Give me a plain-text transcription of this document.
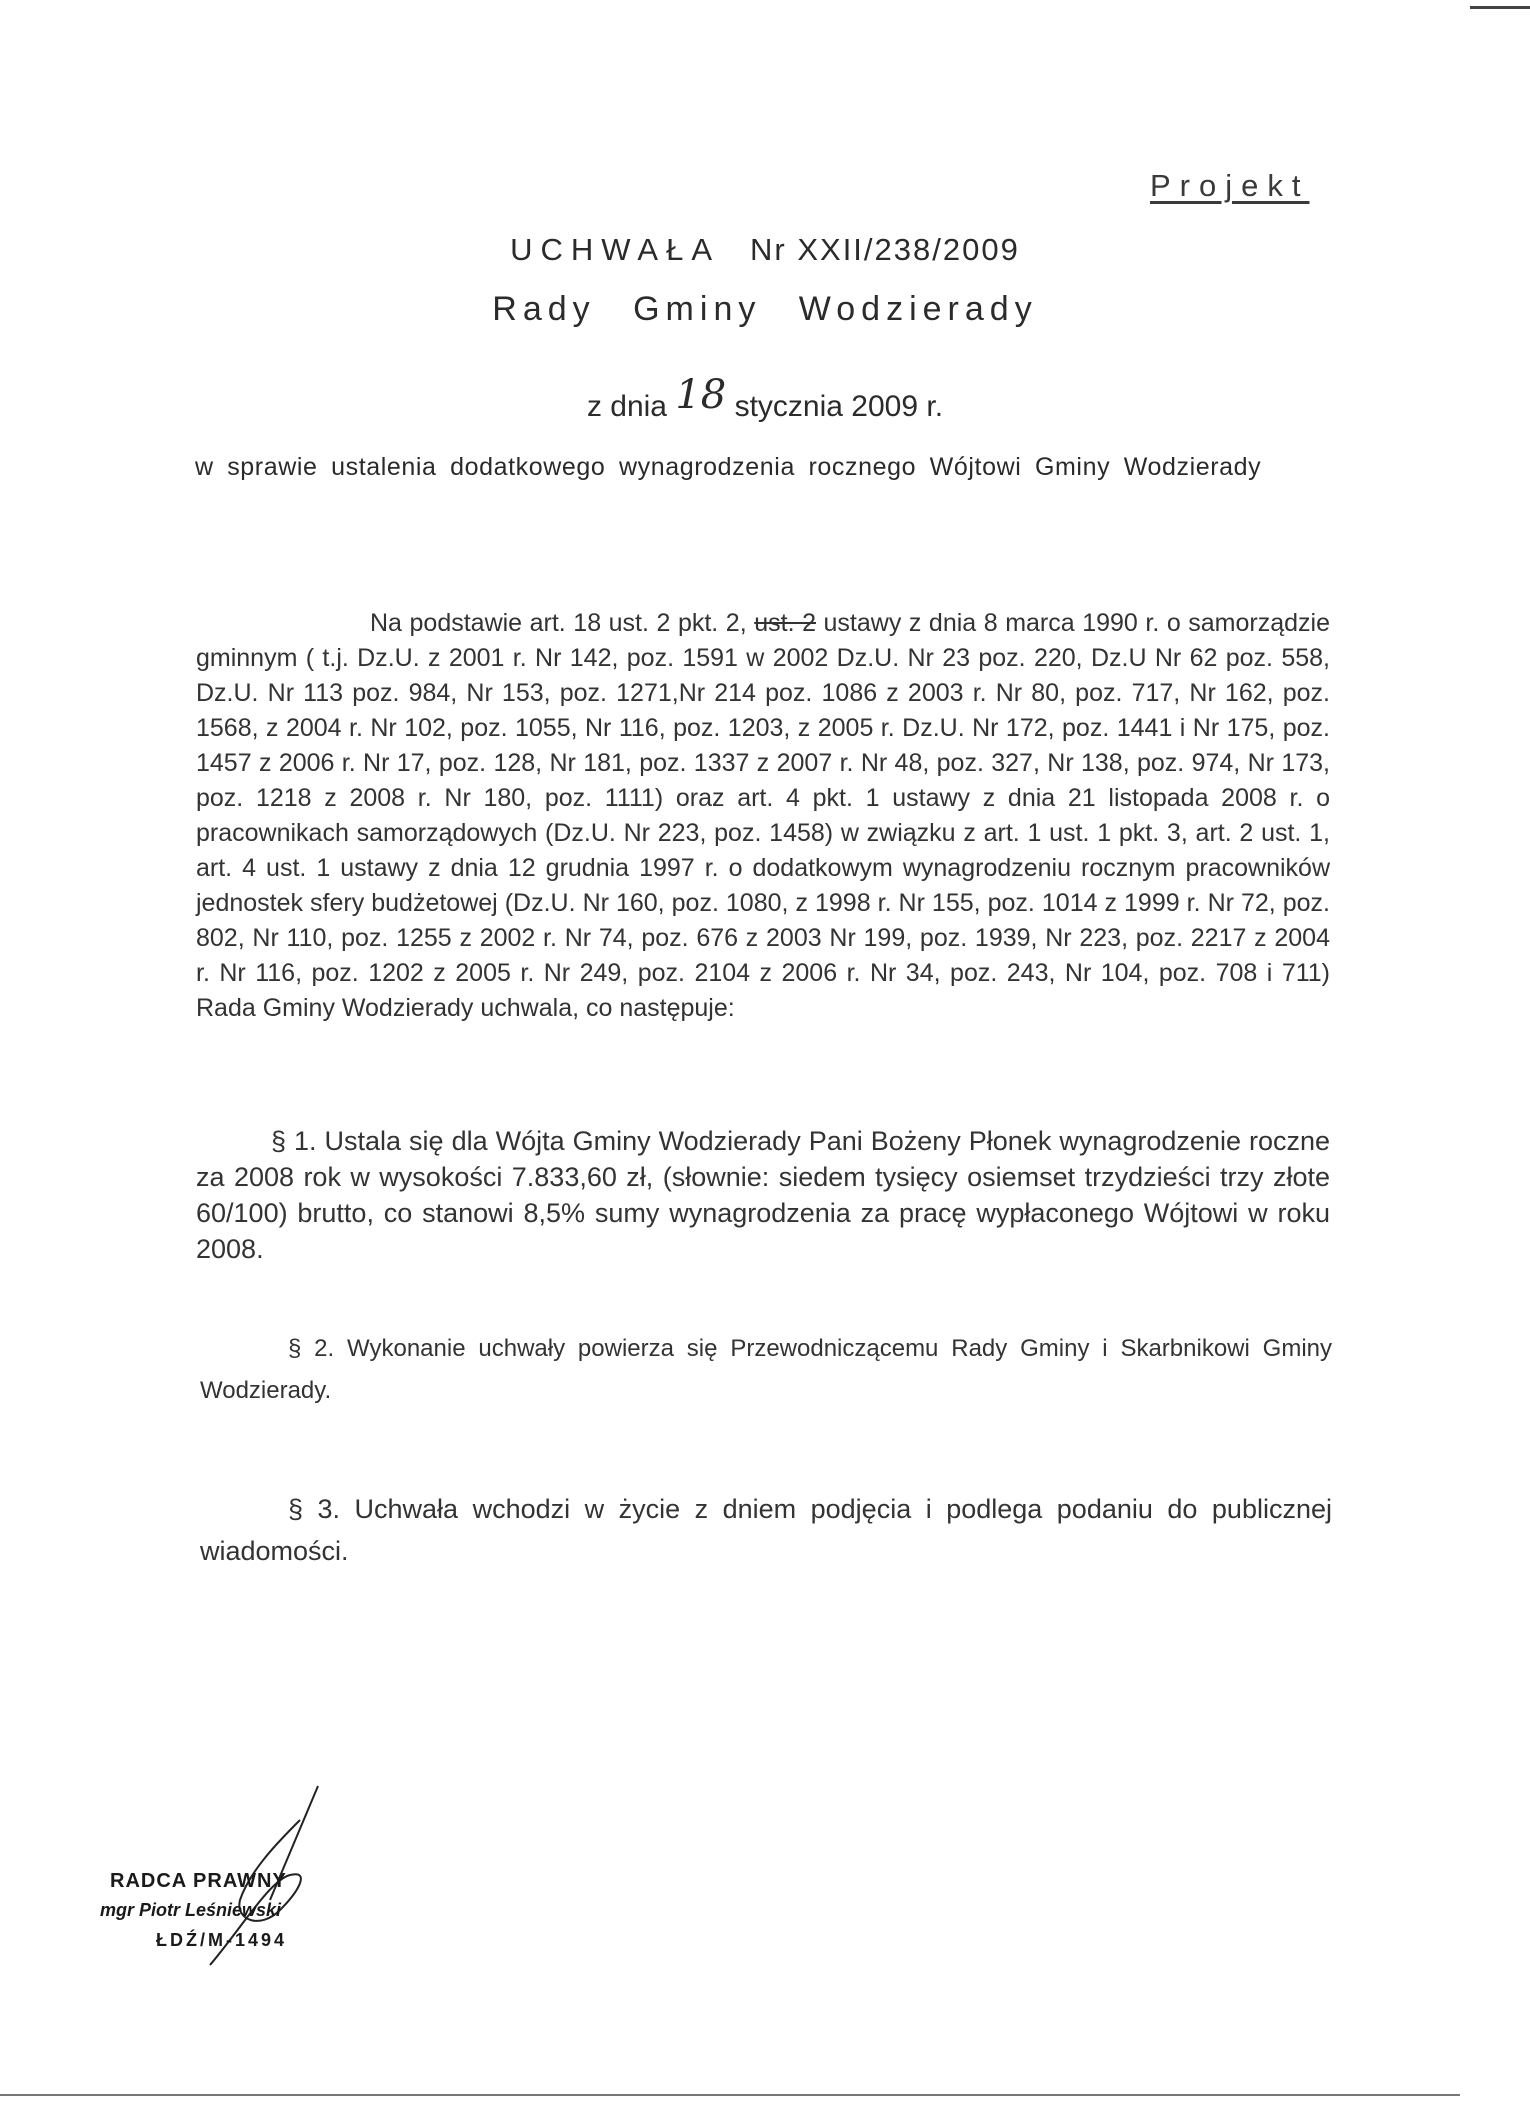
Projekt
UCHWAŁA Nr XXII/238/2009
Rady Gminy Wodzierady
z dnia 18 stycznia 2009 r.
w sprawie ustalenia dodatkowego wynagrodzenia rocznego Wójtowi Gminy Wodzierady
Na podstawie art. 18 ust. 2 pkt. 2, ust. 2 ustawy z dnia 8 marca 1990 r. o samorządzie gminnym ( t.j. Dz.U. z 2001 r. Nr 142, poz. 1591 w 2002 Dz.U. Nr 23 poz. 220, Dz.U Nr 62 poz. 558, Dz.U. Nr 113 poz. 984, Nr 153, poz. 1271,Nr 214 poz. 1086 z 2003 r. Nr 80, poz. 717, Nr 162, poz. 1568, z 2004 r. Nr 102, poz. 1055, Nr 116, poz. 1203, z 2005 r. Dz.U. Nr 172, poz. 1441 i Nr 175, poz. 1457 z 2006 r. Nr 17, poz. 128, Nr 181, poz. 1337 z 2007 r. Nr 48, poz. 327, Nr 138, poz. 974, Nr 173, poz. 1218 z 2008 r. Nr 180, poz. 1111) oraz art. 4 pkt. 1 ustawy z dnia 21 listopada 2008 r. o pracownikach samorządowych (Dz.U. Nr 223, poz. 1458) w związku z art. 1 ust. 1 pkt. 3, art. 2 ust. 1, art. 4 ust. 1 ustawy z dnia 12 grudnia 1997 r. o dodatkowym wynagrodzeniu rocznym pracowników jednostek sfery budżetowej (Dz.U. Nr 160, poz. 1080, z 1998 r. Nr 155, poz. 1014 z 1999 r. Nr 72, poz. 802, Nr 110, poz. 1255 z 2002 r. Nr 74, poz. 676 z 2003 Nr 199, poz. 1939, Nr 223, poz. 2217 z 2004 r. Nr 116, poz. 1202 z 2005 r. Nr 249, poz. 2104 z 2006 r. Nr 34, poz. 243, Nr 104, poz. 708 i 711) Rada Gminy Wodzierady uchwala, co następuje:
§ 1. Ustala się dla Wójta Gminy Wodzierady Pani Bożeny Płonek wynagrodzenie roczne za 2008 rok w wysokości 7.833,60 zł, (słownie: siedem tysięcy osiemset trzydzieści trzy złote 60/100) brutto, co stanowi 8,5% sumy wynagrodzenia za pracę wypłaconego Wójtowi w roku 2008.
§ 2. Wykonanie uchwały powierza się Przewodniczącemu Rady Gminy i Skarbnikowi Gminy Wodzierady.
§ 3. Uchwała wchodzi w życie z dniem podjęcia i podlega podaniu do publicznej wiadomości.
RADCA PRAWNY
mgr Piotr Leśniewski
ŁDŹ/M-1494
